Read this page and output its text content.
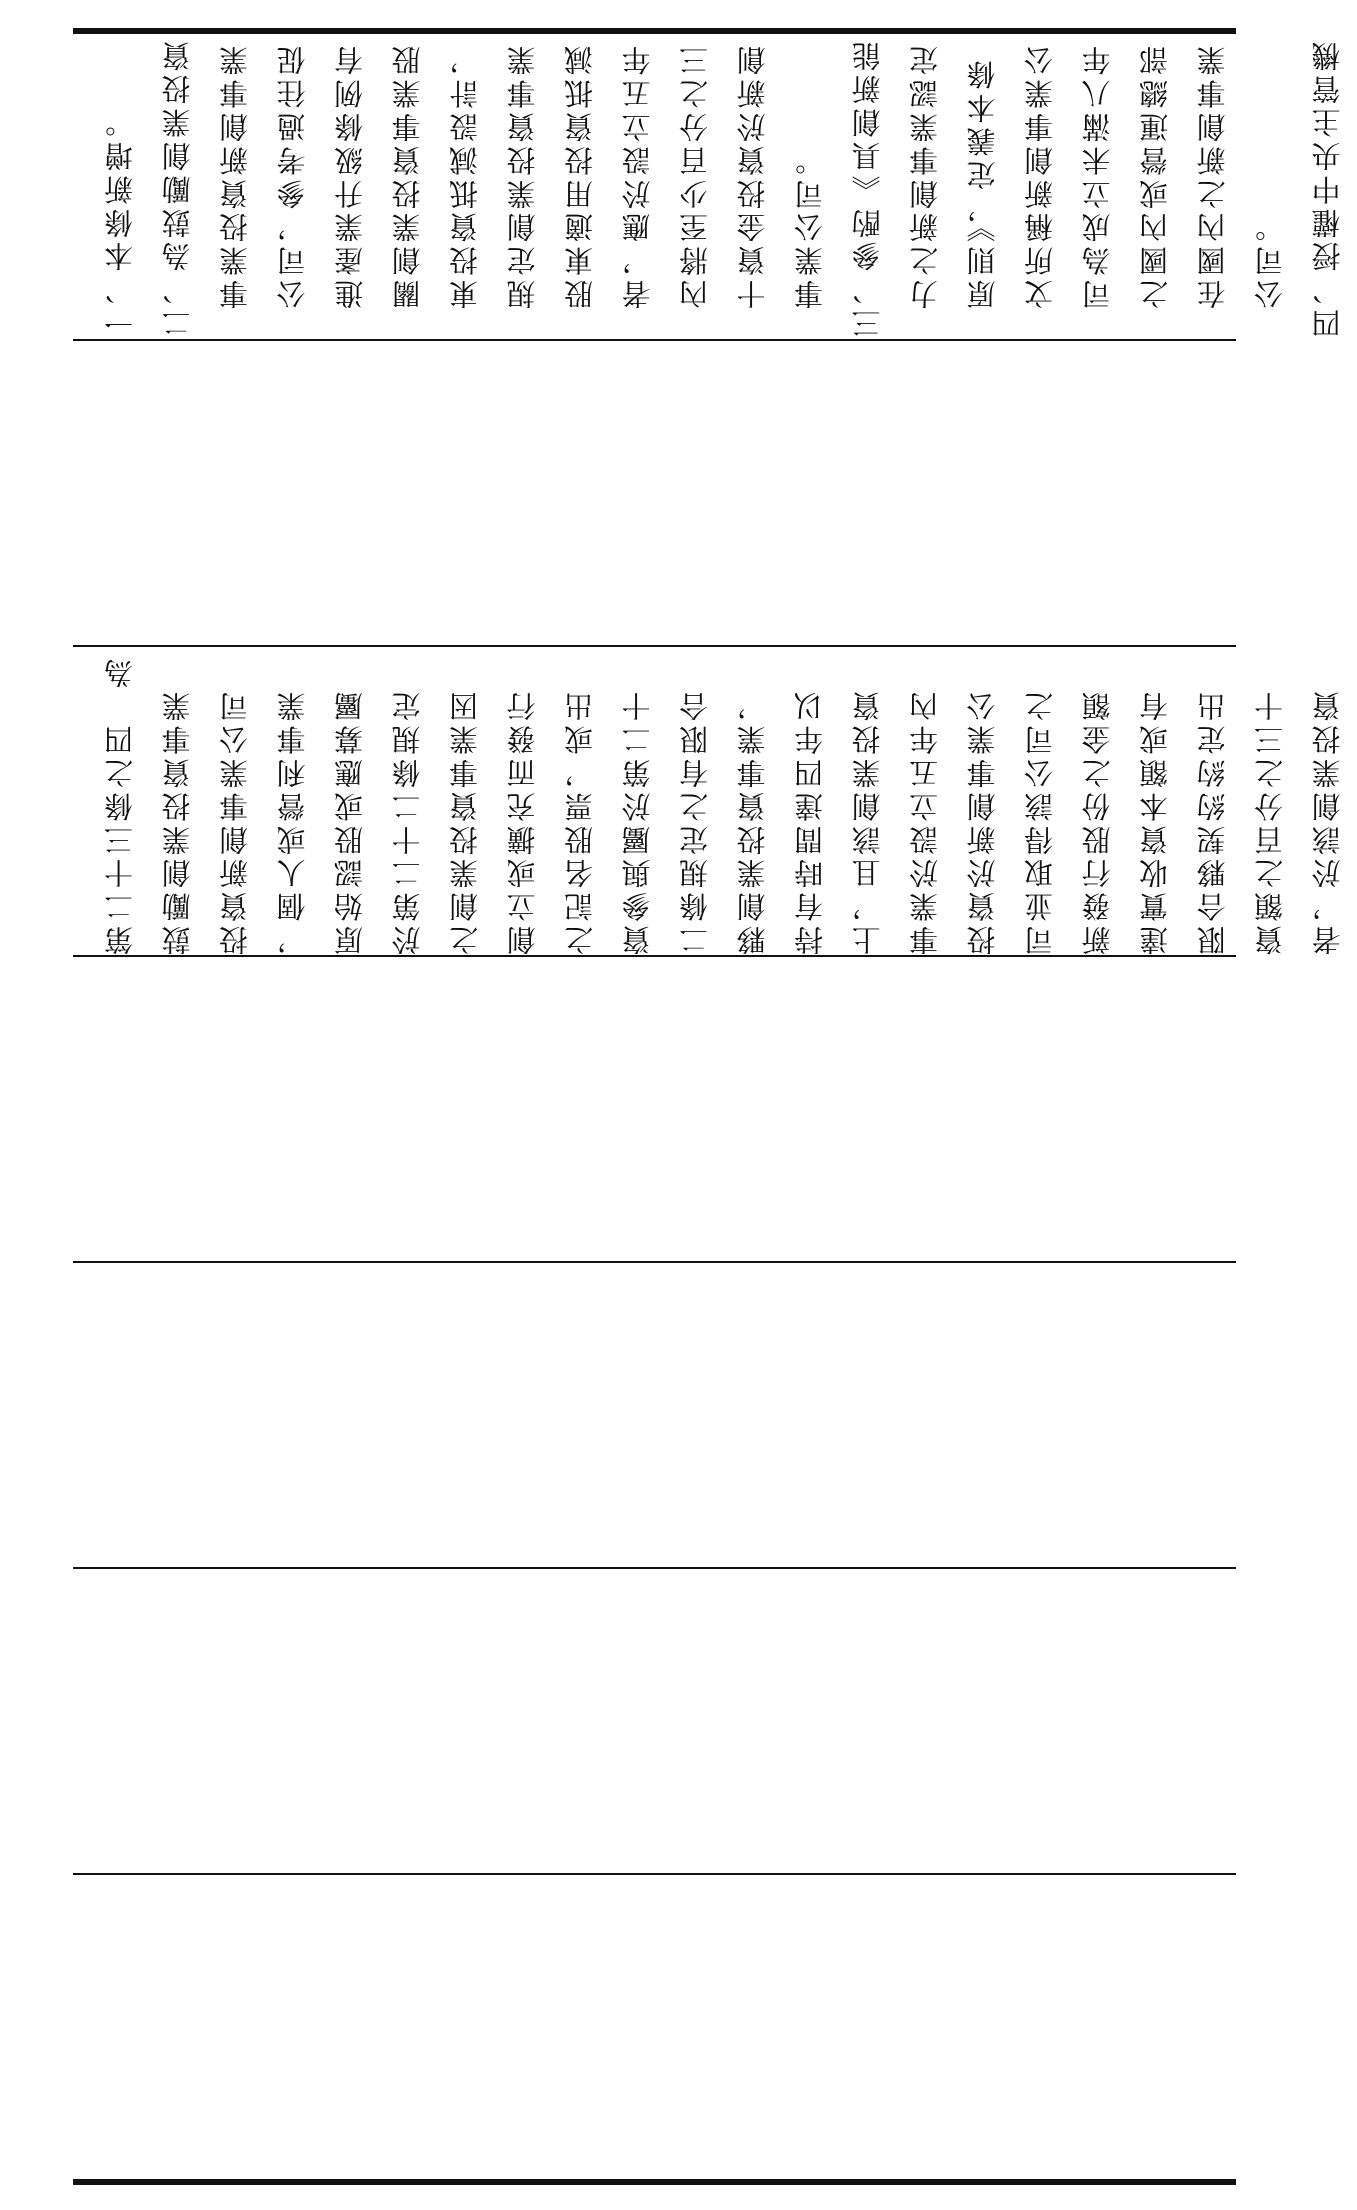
一、本條新增。 二、為鼓勵創業投資 事業投資新創事業 公司，參考過往促 進產業升級條例有 關創業投資事業股 東投資抵減設計， 規定創業投資事業 股東適用投資抵減 者，應於設立五年 內將至少百分之三 十資金投資於新創 事業公司。 三、參酌《具創新能 力之新創事業認定 原則》，定義本條 文所稱新創事業公 司為成立未滿八年 之國內或營運總部 在國內之新創事業 公司。 四、授權中央主管機
第二十三條之四　為 鼓勵創業投資事業 投資新創事業公司 ，個人或營利事業 原始認股或應募屬 於第二十二條規定 之創業投資事業因 創立或擴充而發行 之記名股票，或出 資參與屬於第二十 二條規定之有限合 夥創業投資事業， 持有時間達四年以 上，且該創業投資 事業於設立五年內 投資於新創事業公 司並取得該公司之 新發行股份之金額 達實收資本額或有 限合夥契約約定出 資額之百分之三十 者，於該創業投資
